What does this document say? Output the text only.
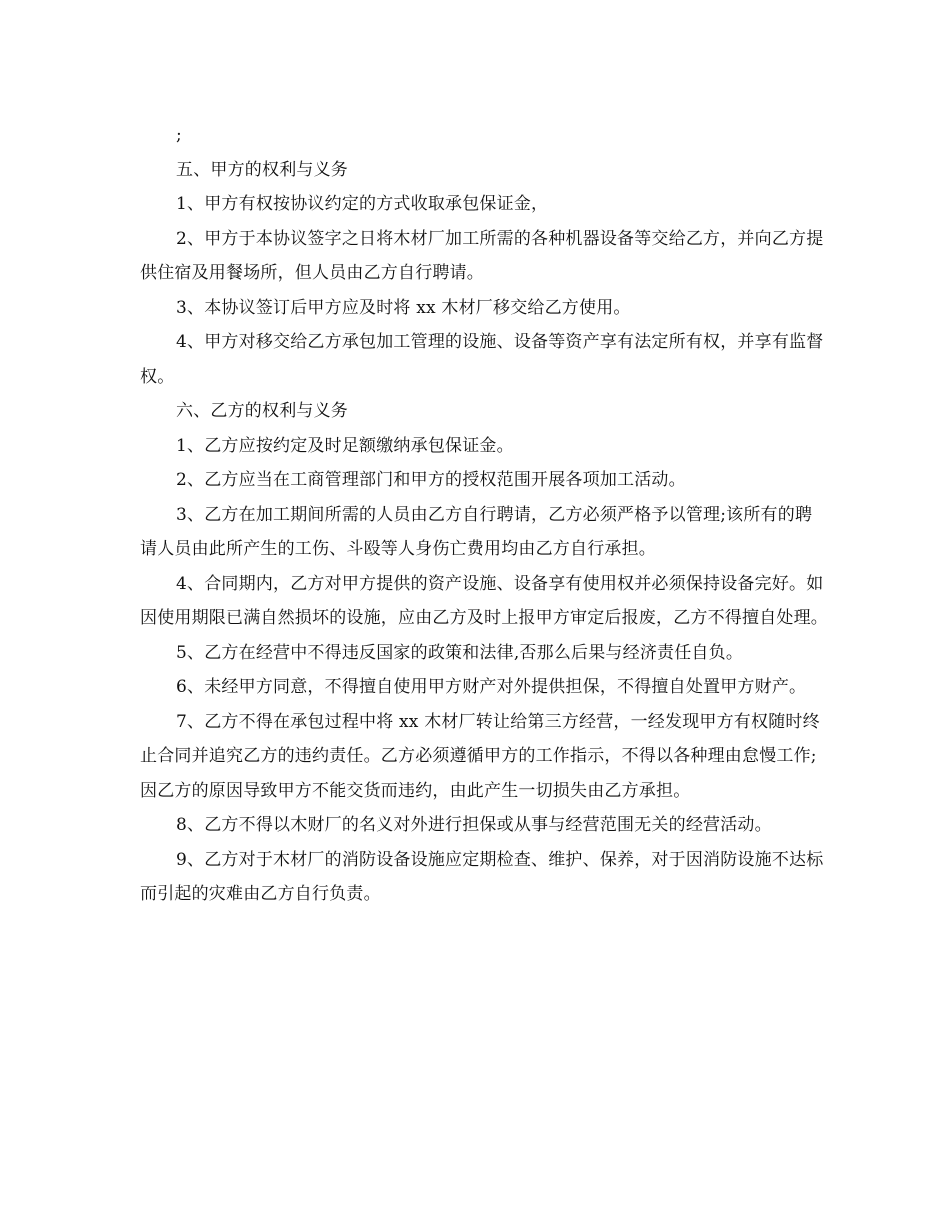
;

五、甲方的权利与义务

1、甲方有权按协议约定的方式收取承包保证金，

2、甲方于本协议签字之日将木材厂加工所需的各种机器设备等交给乙方，并向乙方提供住宿及用餐场所，但人员由乙方自行聘请。

3、本协议签订后甲方应及时将 xx 木材厂移交给乙方使用。

4、甲方对移交给乙方承包加工管理的设施、设备等资产享有法定所有权，并享有监督权。

六、乙方的权利与义务

1、乙方应按约定及时足额缴纳承包保证金。

2、乙方应当在工商管理部门和甲方的授权范围开展各项加工活动。

3、乙方在加工期间所需的人员由乙方自行聘请，乙方必须严格予以管理;该所有的聘请人员由此所产生的工伤、斗殴等人身伤亡费用均由乙方自行承担。

4、合同期内，乙方对甲方提供的资产设施、设备享有使用权并必须保持设备完好。如因使用期限已满自然损坏的设施，应由乙方及时上报甲方审定后报废，乙方不得擅自处理。

5、乙方在经营中不得违反国家的政策和法律,否那么后果与经济责任自负。

6、未经甲方同意，不得擅自使用甲方财产对外提供担保，不得擅自处置甲方财产。

7、乙方不得在承包过程中将 xx 木材厂转让给第三方经营，一经发现甲方有权随时终止合同并追究乙方的违约责任。乙方必须遵循甲方的工作指示，不得以各种理由怠慢工作;因乙方的原因导致甲方不能交货而违约，由此产生一切损失由乙方承担。

8、乙方不得以木财厂的名义对外进行担保或从事与经营范围无关的经营活动。

9、乙方对于木材厂的消防设备设施应定期检查、维护、保养，对于因消防设施不达标而引起的灾难由乙方自行负责。
